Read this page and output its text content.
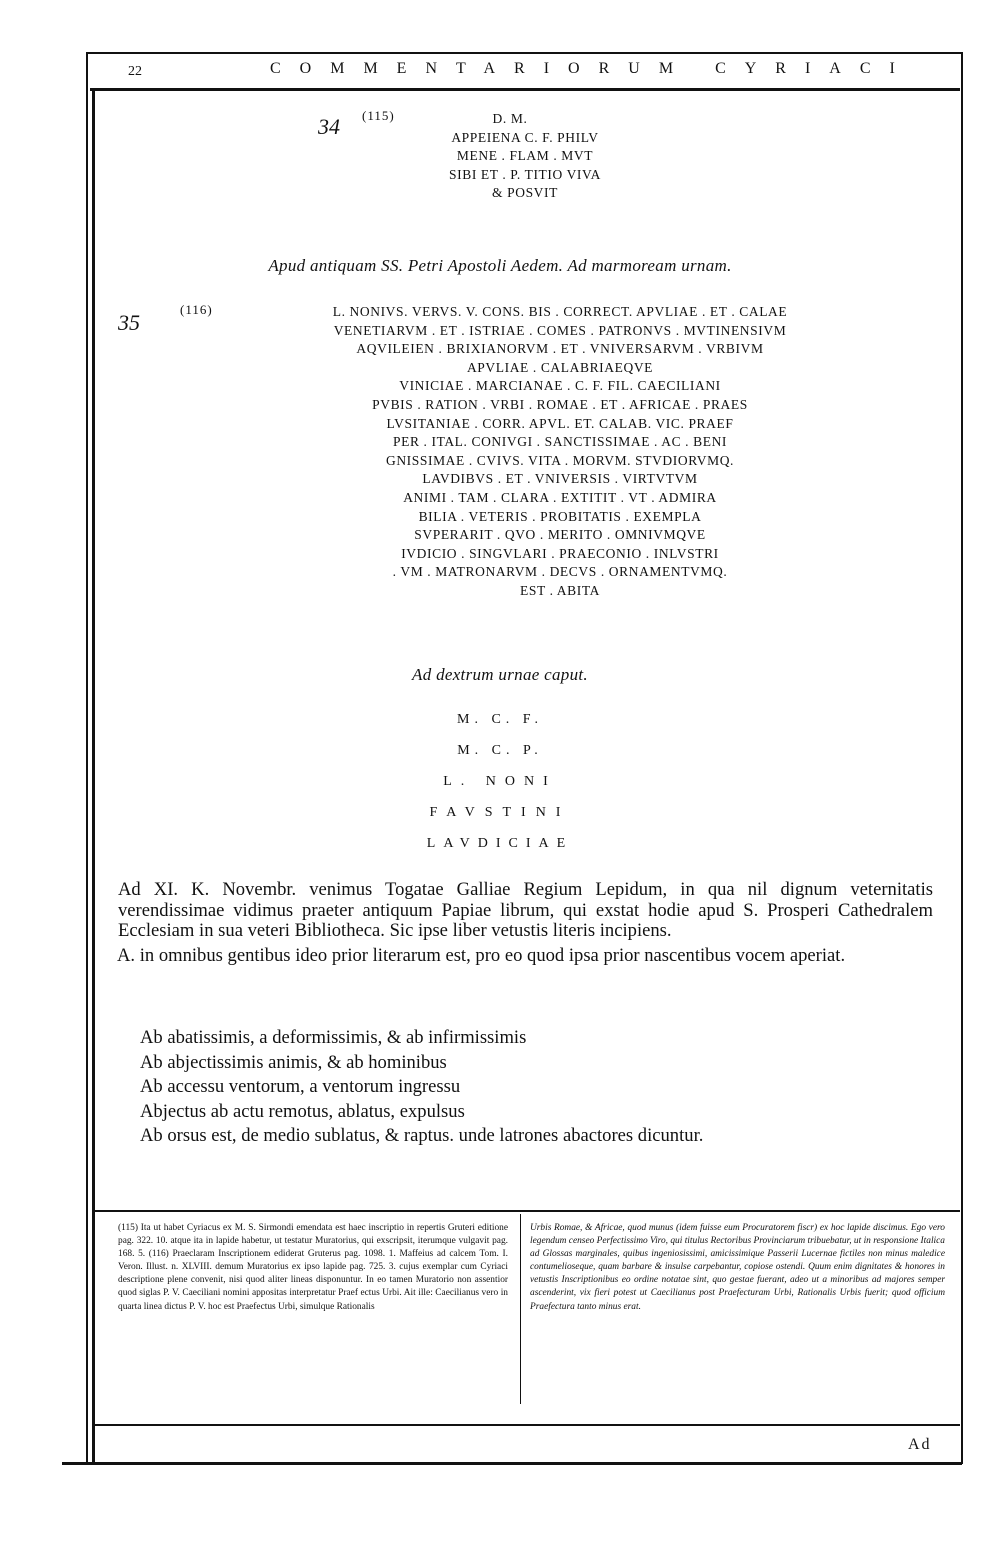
22	COMMENTARIORUM CYRIACI
34 (115)	D. M.
APPEIENA C. F. PHILV
MENE . FLAM . MVT
SIBI ET . P. TITIO VIVA
& POSVIT
Apud antiquam SS. Petri Apostoli Aedem. Ad marmoream urnam.
35
(116)	L. NONIVS. VERVS. V. CONS. BIS . CORRECT. APVLIAE . ET . CALAE
VENETIARVM . ET . ISTRIAE . COMES . PATRONVS . MVTINENSIVM
AQVILEIEN . BRIXIANORVM . ET . VNIVERSARVM . VRBIVM
APVLIAE . CALABRIAEQVE
VINICIAE . MARCIANAE . C. F. FIL. CAECILIANI
PVBIS . RATION . VRBI . ROMAE . ET . AFRICAE . PRAES
LVSITANIAE . CORR. APVL. ET. CALAB. VIC. PRAEF
PER . ITAL. CONIVGI . SANCTISSIMAE . AC . BENI
GNISSIMAE . CVIVS. VITA . MORVM. STVDIORVMQ.
LAVDIBVS . ET . VNIVERSIS . VIRTVTVM
ANIMI . TAM . CLARA . EXTITIT . VT . ADMIRA
BILIA . VETERIS . PROBITATIS . EXEMPLA
SVPERARIT . QVO . MERITO . OMNIVMQVE
IVDICIO . SINGVLARI . PRAECONIO . INLVSTRI
. VM . MATRONARVM . DECVS . ORNAMENTVMQ.
EST . ABITA
Ad dextrum urnae caput.
M. C. F.
M. C. P.
L. NONI
FAVSTINI
LAVDICIAE

Ad XI. K. Novembr. venimus Togatae Galliae Regium Lepidum, in qua nil dignum veternitatis verendissimae vidimus praeter antiquum Papiae librum, qui exstat hodie apud S. Prosperi Cathedralem Ecclesiam in sua veteri Bibliotheca. Sic ipse liber vetustis literis incipiens.

A. in omnibus gentibus ideo prior literarum est, pro eo quod ipsa prior nascentibus vocem aperiat.

Ab abatissimis, a deformissimis, & ab infirmissimis
Ab abjectissimis animis, & ab hominibus
Ab accessu ventorum, a ventorum ingressu
Abjectus ab actu remotus, ablatus, expulsus
Ab orsus est, de medio sublatus, & raptus. unde latrones abactores dicuntur.

(115) Ita ut habet Cyriacus ex M. S. Sirmondi emendata est haec inscriptio in repertis Gruteri editione pag. 322. 10. atque ita in lapide habetur, ut testatur Muratorius, qui exscripsit, iterumque vulgavit pag. 168. 5. (116) Praeclaram Inscriptionem ediderat Gruterus pag. 1098. 1. Maffeius ad calcem Tom. I. Veron. Illust. n. XLVIII. demum Muratorius ex ipso lapide pag. 725. 3. cujus exemplar cum Cyriaci descriptione plene convenit, nisi quod aliter lineas disponuntur. In eo tamen Muratorio non assentior quod siglas P. V. Caeciliani nomini appositas interpretatur Praef ectus Urbi. Ait ille: Caecilianus vero in quarta linea dictus P. V. hoc est Praefectus Urbi, simulque Rationalis

Urbis Romae, & Africae, quod munus (idem fuisse eum Procuratorem fiscr) ex hoc lapide discimus. Ego vero legendum censeo Perfectissimo Viro, qui titulus Rectoribus Provinciarum tribuebatur, ut in responsione Italica ad Glossas marginales, quibus ingeniosissimi, amicissimique Passerii Lucernae fictiles non minus maledice contumelioseque, quam barbare & insulse carpebantur, copiose ostendi. Quum enim dignitates & honores in vetustis Inscriptionibus eo ordine notatae sint, quo gestae fuerant, adeo ut a minoribus ad majores semper ascenderint, vix fieri potest ut Caecilianus post Praefecturam Urbi, Rationalis Urbis fuerit; quod officium Praefectura tanto minus erat.

Ad
